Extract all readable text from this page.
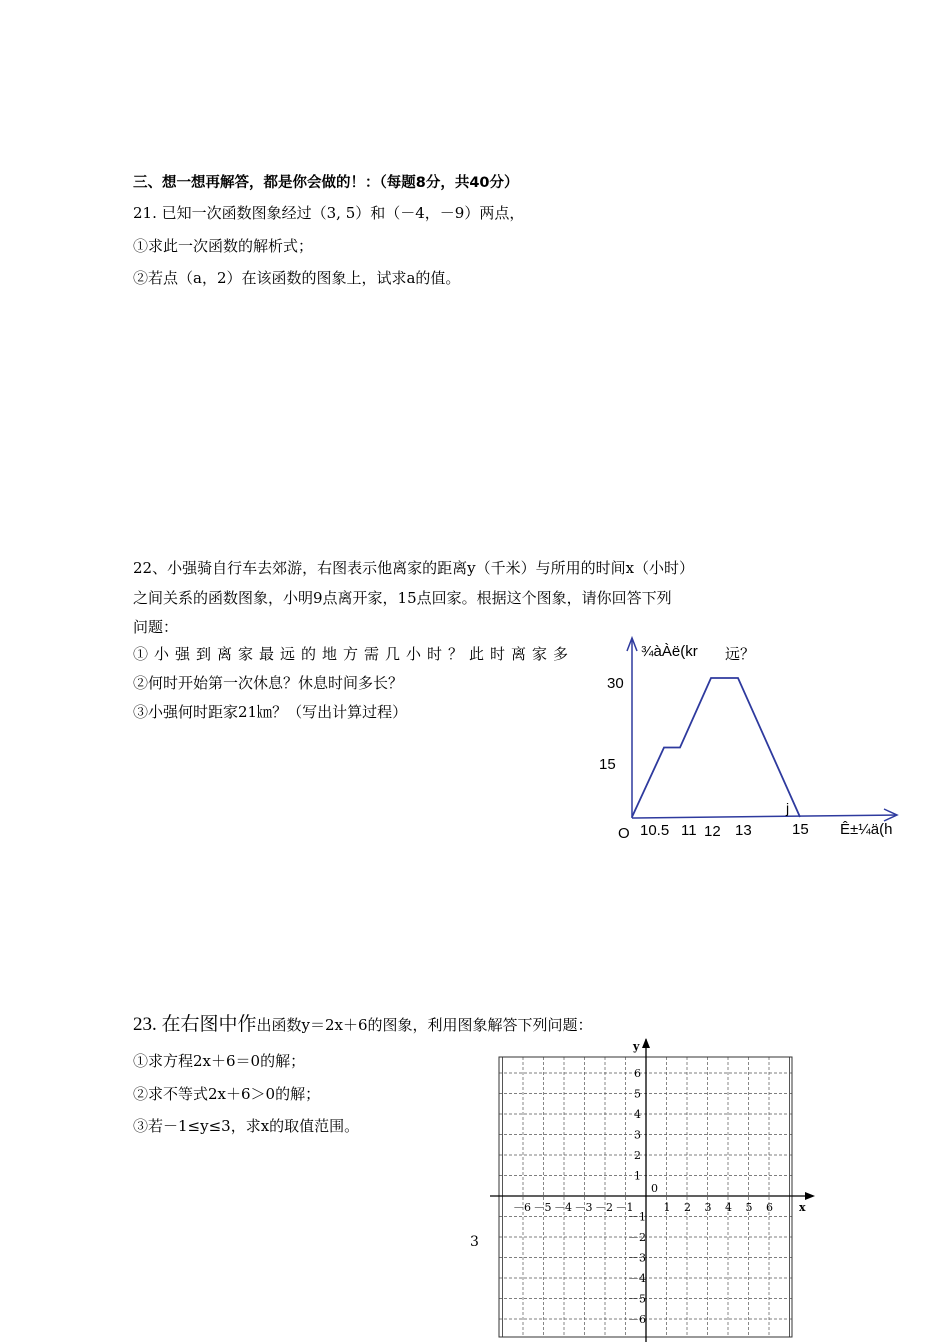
三、想一想再解答，都是你会做的！：（每题8分，共40分）
21. 已知一次函数图象经过（3, 5）和（－4，－9）两点，
①求此一次函数的解析式；
②若点（a，2）在该函数的图象上，试求a的值。
22、小强骑自行车去郊游，右图表示他离家的距离y（千米）与所用的时间x（小时）
之间关系的函数图象，小明9点离开家，15点回家。根据这个图象，请你回答下列
问题：
①小强到离家最远的地方需几小时？此时离家多	远？
②何时开始第一次休息？休息时间多长？
③小强何时距家21㎞？（写出计算过程）
¾àÀë(kr
Ê±¼ä(h
O
30
15
10.5 11 12 13	15
j
23. 在右图中作出函数y＝2x＋6的图象，利用图象解答下列问题：
①求方程2x＋6＝0的解；
②求不等式2x＋6＞0的解；
③若－1≤y≤3，求x的取值范围。
y
x
0
1 2 3 4 5 6
－6 －5 －4 －3 －2 －1
1
2
3
4
5
6
－1
－2
－3
－4
－5
－6
3
